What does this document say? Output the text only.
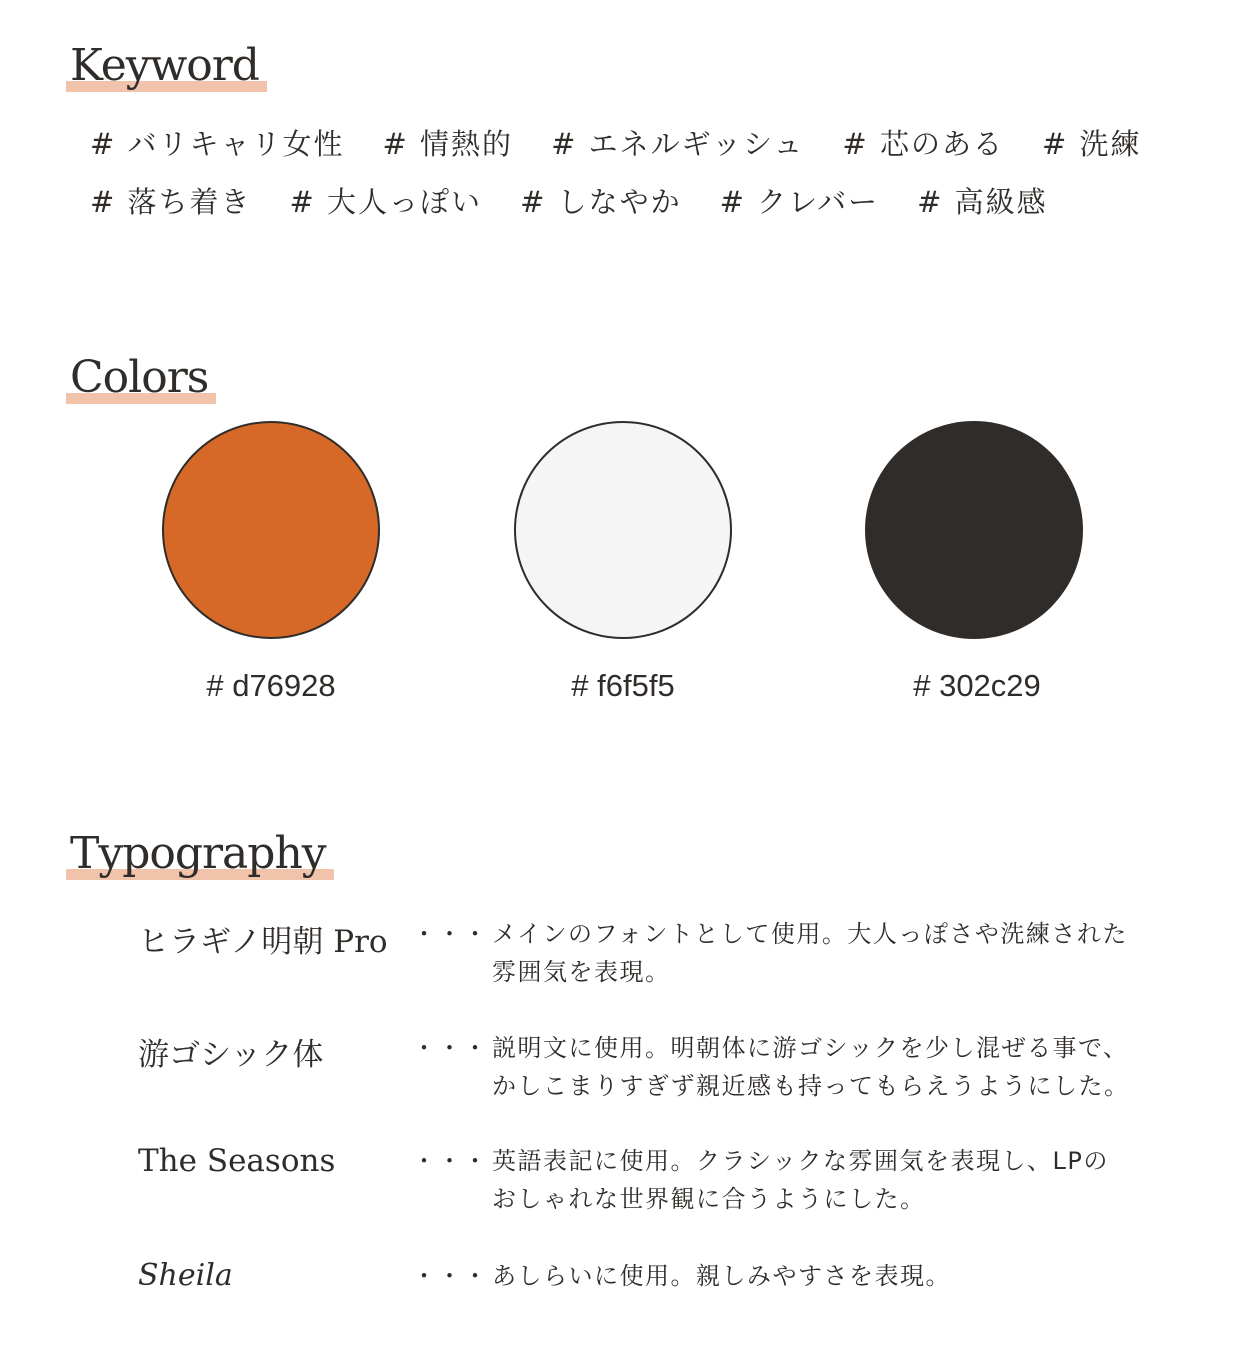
Keyword
# バリキャリ女性 # 情熱的 # エネルギッシュ # 芯のある # 洗練
# 落ち着き # 大人っぽい # しなやか # クレバー # 高級感
Colors
# d76928	# f6f5f5	# 302c29
Typography
ヒラギノ明朝 Pro ・・・ メインのフォントとして使用。大人っぽさや洗練された
雰囲気を表現。
游ゴシック体	・・・ 説明文に使用。明朝体に游ゴシックを少し混ぜる事で、
かしこまりすぎず親近感も持ってもらえうようにした。
The Seasons	・・・ 英語表記に使用。クラシックな雰囲気を表現し、LPの
おしゃれな世界観に合うようにした。
Sheila	・・・ あしらいに使用。親しみやすさを表現。
